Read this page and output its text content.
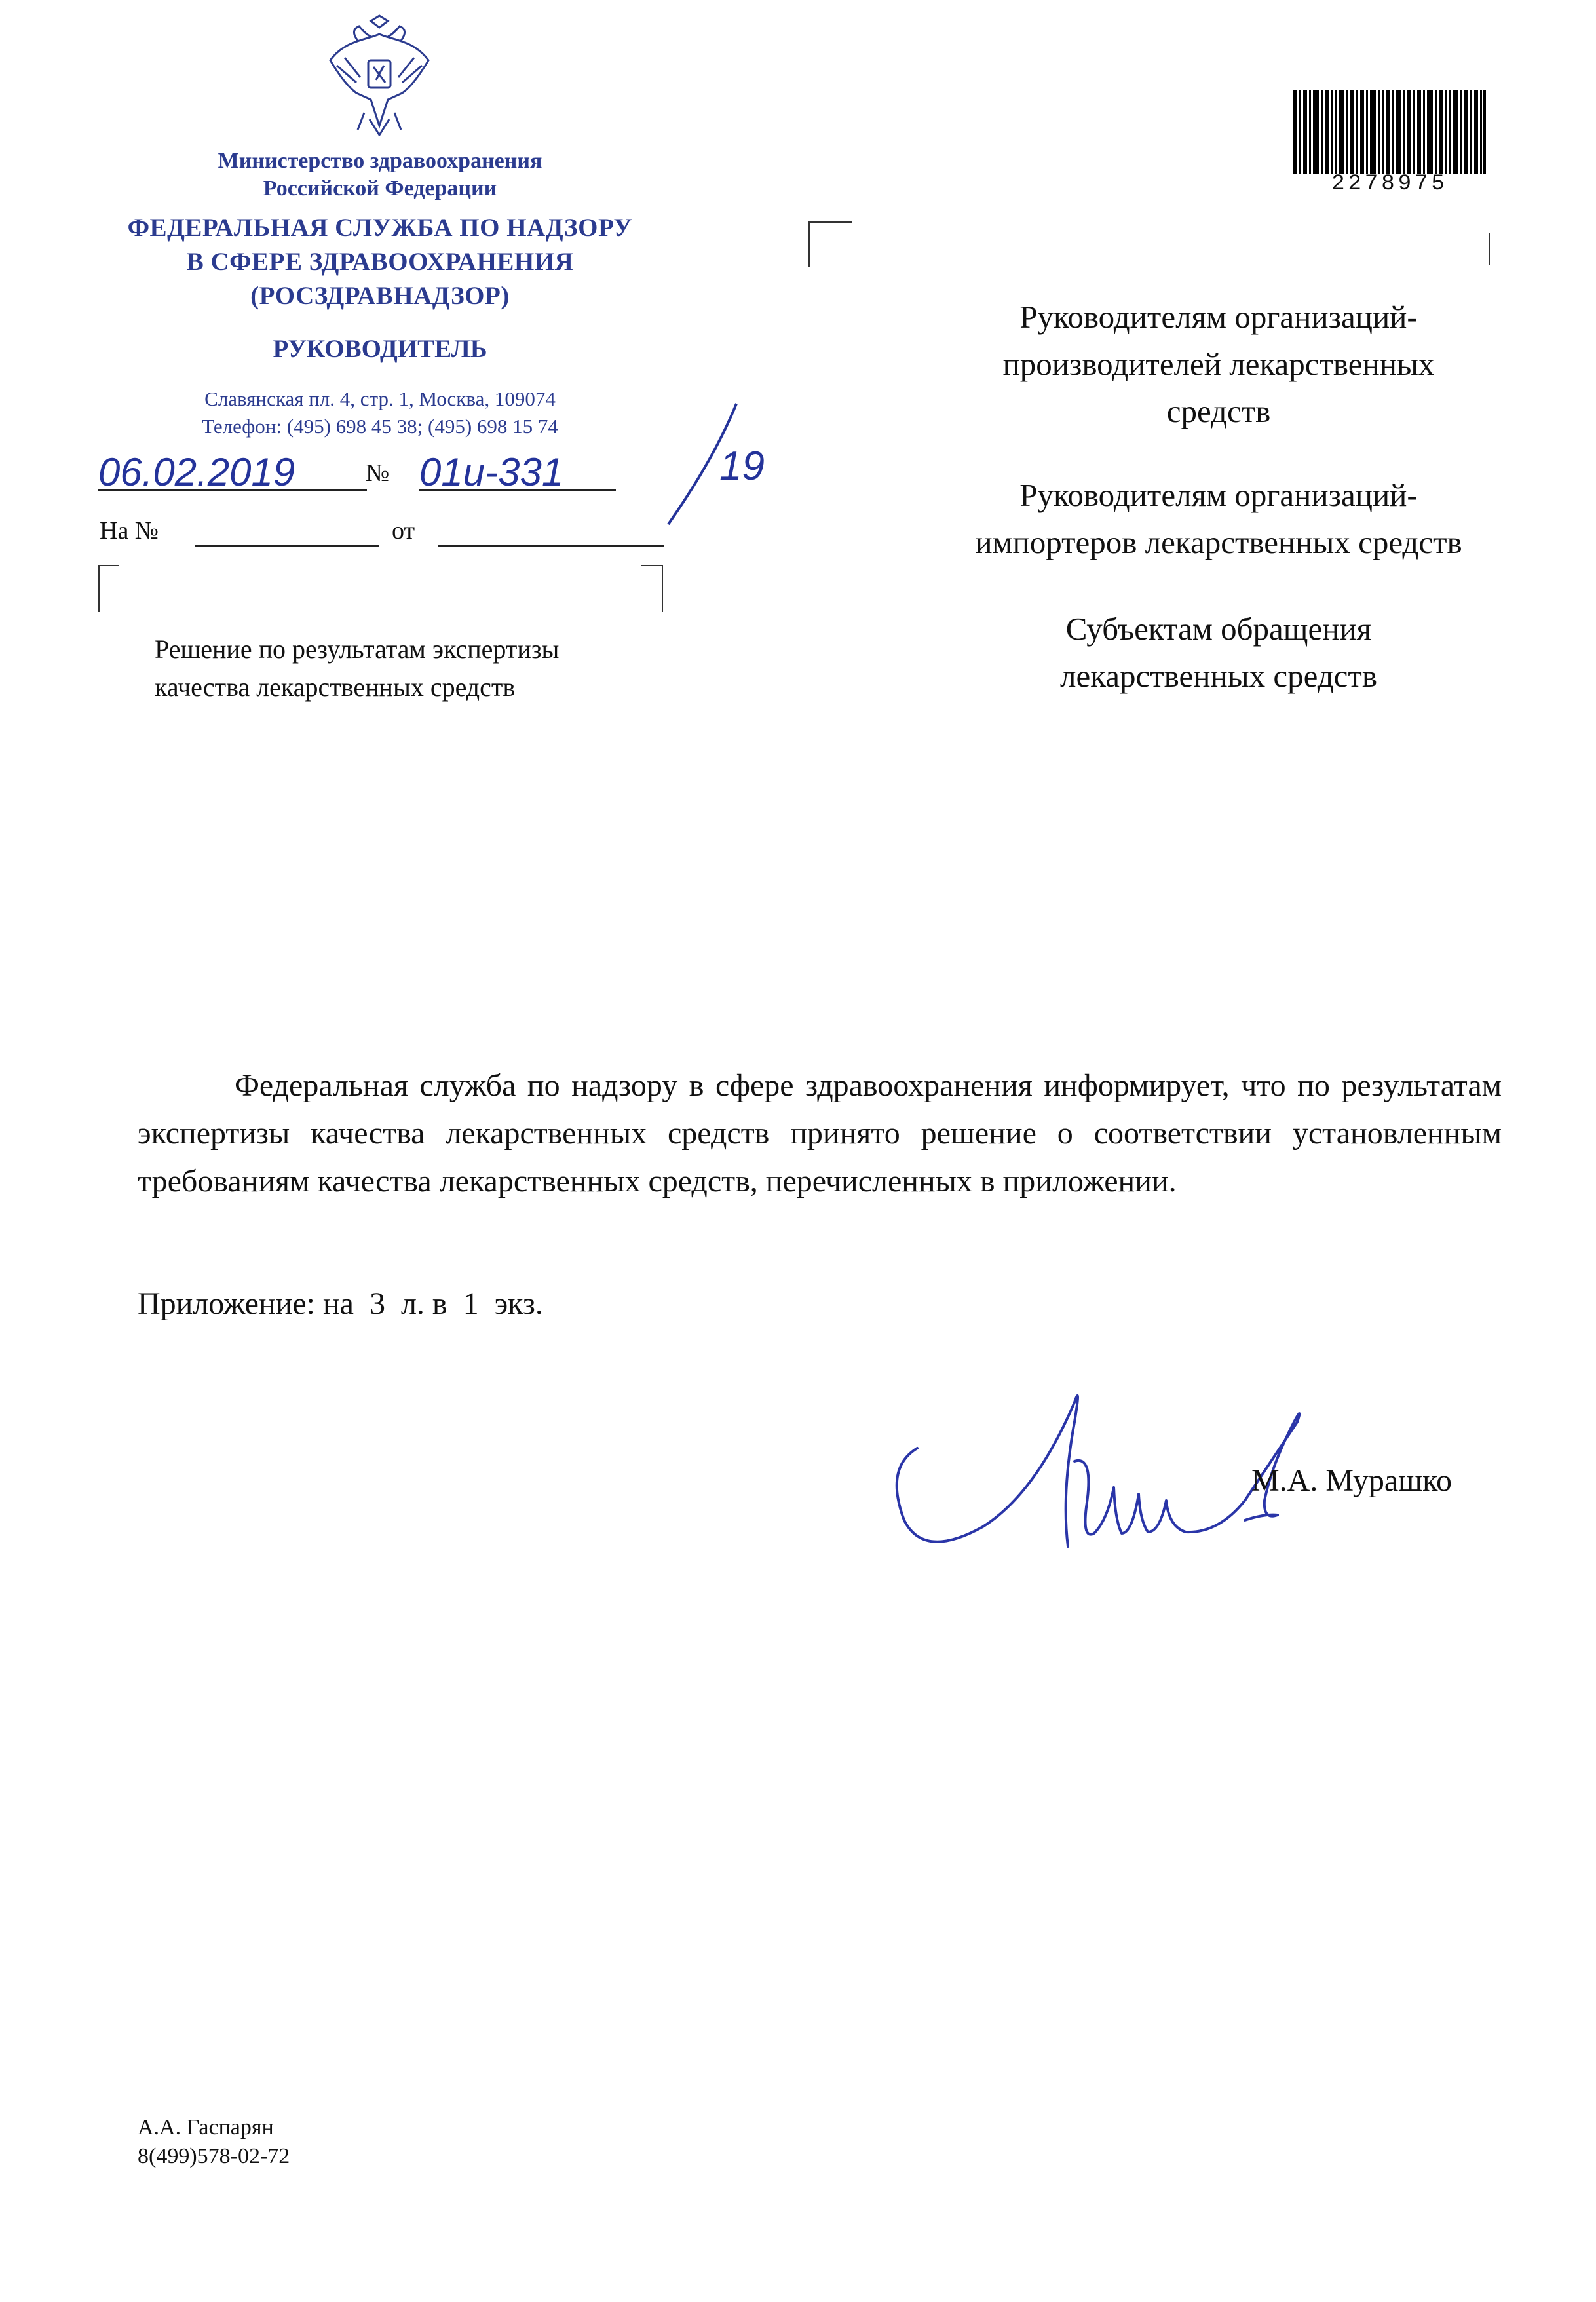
Министерство здравоохранения
Российской Федерации
ФЕДЕРАЛЬНАЯ СЛУЖБА ПО НАДЗОРУ
В СФЕРЕ ЗДРАВООХРАНЕНИЯ
(РОСЗДРАВНАДЗОР)
РУКОВОДИТЕЛЬ
Славянская пл. 4, стр. 1, Москва, 109074
Телефон: (495) 698 45 38; (495) 698 15 74
06.02.2019	№ 01и-331	19
На №	от
Решение по результатам экспертизы
качества лекарственных средств
2278975
Руководителям организаций-
производителей лекарственных
средств
Руководителям организаций-
импортеров лекарственных средств
Субъектам обращения
лекарственных средств
Федеральная служба по надзору в сфере здравоохранения информирует, что по результатам экспертизы качества лекарственных средств принято решение о соответствии установленным требованиям качества лекарственных средств, перечисленных в приложении.
Приложение: на  3  л. в  1  экз.
М.А. Мурашко
А.А. Гаспарян
8(499)578-02-72
